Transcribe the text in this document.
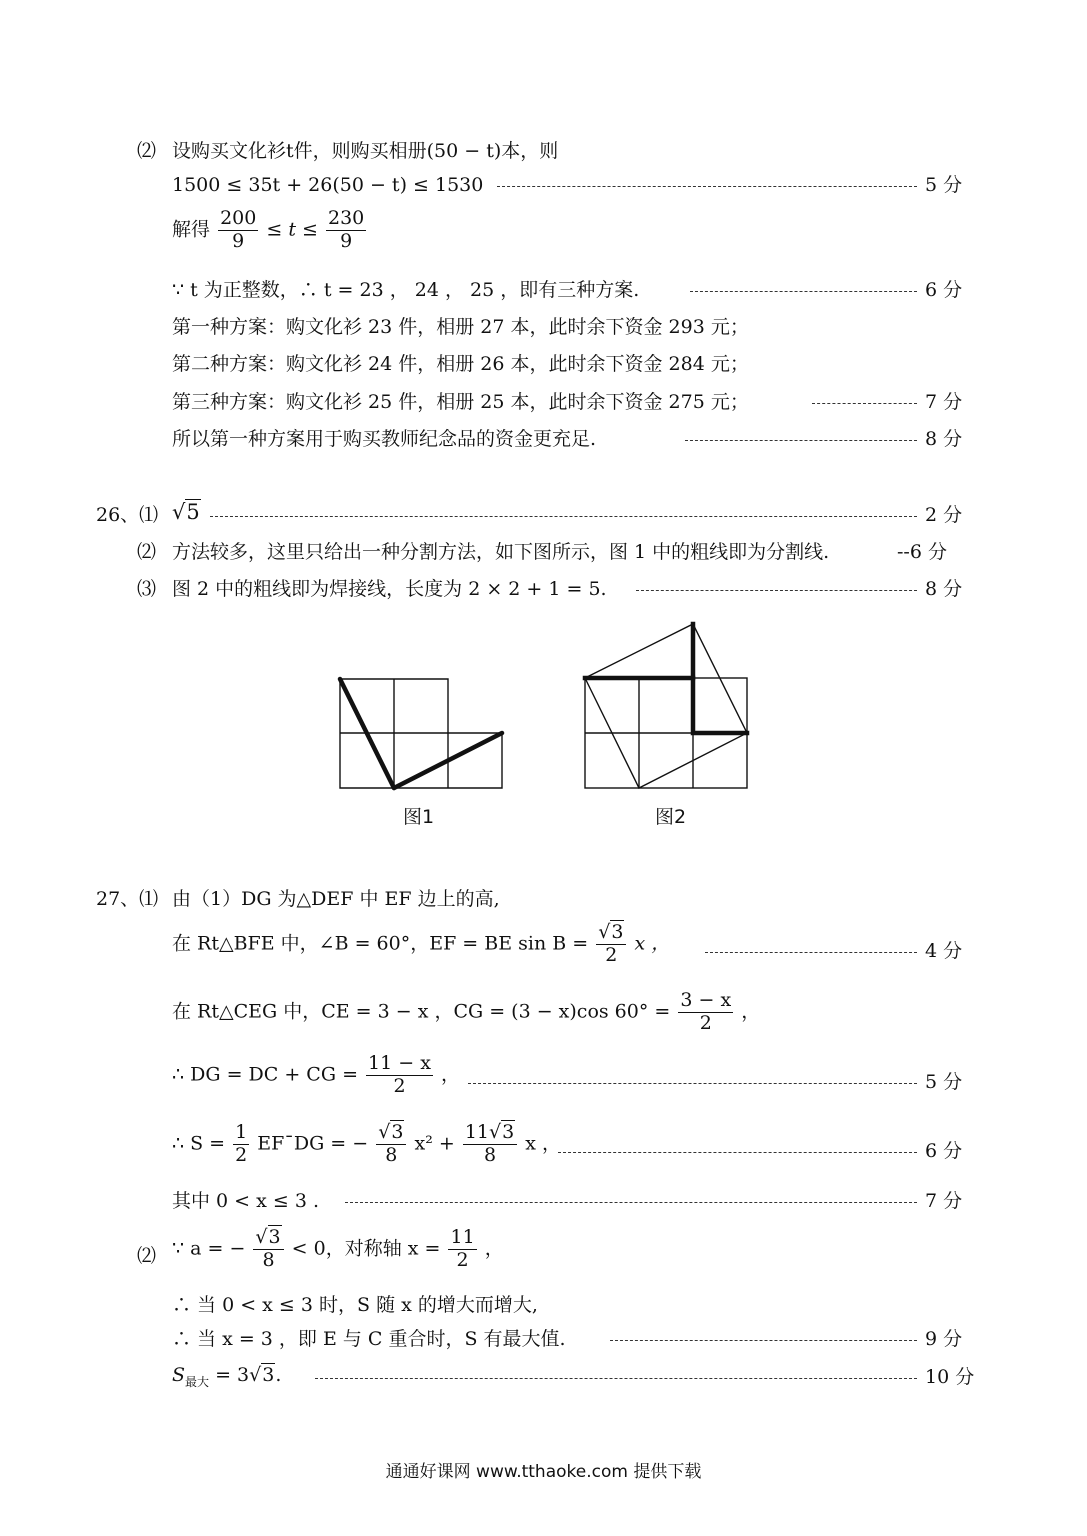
⑵ 设购买文化衫t件，则购买相册(50 − t)本，则
1500 ≤ 35t + 26(50 − t) ≤ 1530	5 分
解得 $\frac{200}{9} \le t \le \frac{230}{9}$
∵ t 为正整数，∴ t = 23 ， 24 ， 25 ，即有三种方案.	6 分
第一种方案：购文化衫 23 件，相册 27 本，此时余下资金 293 元；
第二种方案：购文化衫 24 件，相册 26 本，此时余下资金 284 元；
第三种方案：购文化衫 25 件，相册 25 本，此时余下资金 275 元；	7 分
所以第一种方案用于购买教师纪念品的资金更充足.	8 分
26、⑴ √5	2 分
⑵ 方法较多，这里只给出一种分割方法，如下图所示，图 1 中的粗线即为分割线.	--6 分
⑶ 图 2 中的粗线即为焊接线，长度为 2 × 2 + 1 = 5.	8 分
图1	图2
27、⑴ 由（1）DG 为△DEF 中 EF 边上的高,
在 Rt△BFE 中，∠B = 60°，EF = BE $\sin B = \frac{√3}{2}$ x ，	4 分
在 Rt△CEG 中，CE = 3 − x ，CG = (3 − x)cos $60^\circ = \frac{3 - x}{2}$ ，
∴ DG = DC + CG = $\frac{11 - x}{2}$ ，	5 分
∴ $S = \frac{1}{2}$ EF¯DG = − $\frac{√3}{8} x^2 + \frac{11√3}{8}$ x ，	6 分
其中 0 < x ≤ 3 .	7 分
⑵ ∵ a = − $\frac{√3}{8} < 0$，对称轴 $x = \frac{11}{2}$ ，
∴ 当 0 < x ≤ 3 时，S 随 x 的增大而增大,
∴ 当 x = 3 ，即 E 与 C 重合时，S 有最大值.	9 分
$S_{最大} = 3√3$.	10 分
通通好课网 www.tthaoke.com 提供下载
